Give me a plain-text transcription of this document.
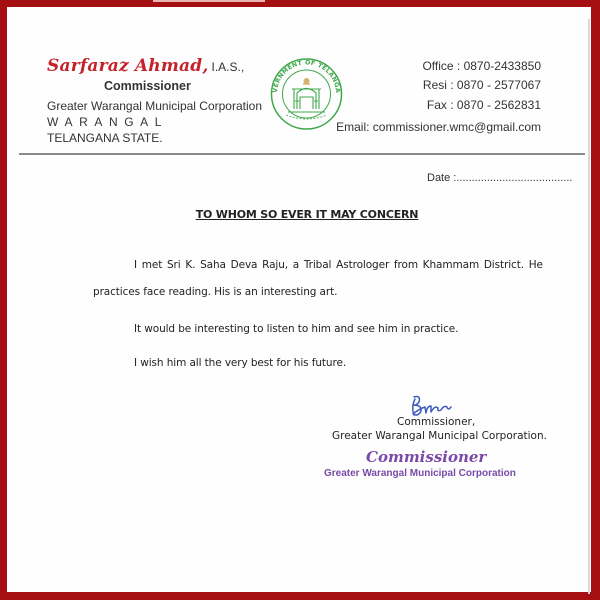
Sarfaraz Ahmad, I.A.S.,
Commissioner
Greater Warangal Municipal Corporation
WARANGAL
TELANGANA STATE.
VERNMENT OF TELANGA
Office : 0870-2433850
Resi : 0870 - 2577067
Fax : 0870 - 2562831
Email: commissioner.wmc@gmail.com
Date :......................................
TO WHOM SO EVER IT MAY CONCERN
I met Sri K. Saha Deva Raju, a Tribal Astrologer from Khammam District. He
practices face reading. His is an interesting art.
It would be interesting to listen to him and see him in practice.
I wish him all the very best for his future.
Commissioner,
Greater Warangal Municipal Corporation.
Commissioner
Greater Warangal Municipal Corporation
